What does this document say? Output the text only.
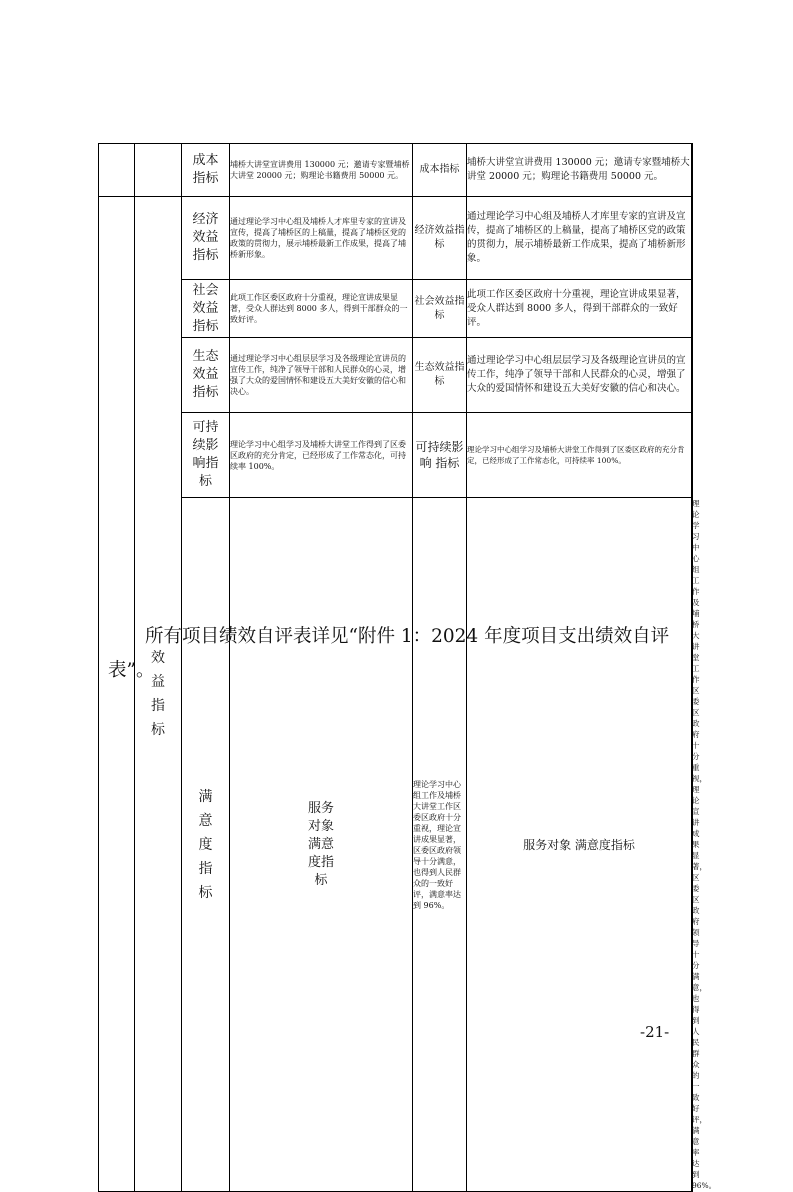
		成本指标	埔桥大讲堂宣讲费用 130000 元；邀请专家暨埔桥大讲堂 20000 元；购理论书籍费用 50000 元。	成本指标	埔桥大讲堂宣讲费用 130000 元；邀请专家暨埔桥大讲堂 20000 元；购理论书籍费用 50000 元。	
	效益指标	经济效益指标	通过理论学习中心组及埔桥人才库里专家的宣讲及宣传，提高了埔桥区的上稿量，提高了埔桥区党的政策的贯彻力，展示埔桥最新工作成果，提高了埔桥新形象。	经济效益指标	通过理论学习中心组及埔桥人才库里专家的宣讲及宣传，提高了埔桥区的上稿量，提高了埔桥区党的政策的贯彻力，展示埔桥最新工作成果，提高了埔桥新形象。	
		社会效益指标	此项工作区委区政府十分重视，理论宣讲成果显著，受众人群达到 8000 多人，得到干部群众的一致好评。	社会效益指标	此项工作区委区政府十分重视，理论宣讲成果显著，受众人群达到 8000 多人，得到干部群众的一致好评。	
		生态效益指标	通过理论学习中心组层层学习及各级理论宣讲员的宣传工作，纯净了领导干部和人民群众的心灵，增强了大众的爱国情怀和建设五大美好安徽的信心和决心。	生态效益指标	通过理论学习中心组层层学习及各级理论宣讲员的宣传工作，纯净了领导干部和人民群众的心灵，增强了大众的爱国情怀和建设五大美好安徽的信心和决心。	
		可持续影响指标	理论学习中心组学习及埔桥大讲堂工作得到了区委区政府的充分肯定，已经形成了工作常态化，可持续率 100%。	可持续影响 指标	理论学习中心组学习及埔桥大讲堂工作得到了区委区政府的充分肯定，已经形成了工作常态化，可持续率 100%。	
		满意度指标	服务对象满意度指标	理论学习中心组工作及埔桥大讲堂工作区委区政府十分重视，理论宣讲成果显著，区委区政府领导十分满意，也得到人民群众的一致好评，满意率达到 96%。	服务对象 满意度指标	理论学习中心组工作及埔桥大讲堂工作区委区政府十分重视，理论宣讲成果显著，区委区政府领导十分满意，也得到人民群众的一致好评，满意率达到 96%。	

所有项目绩效自评表详见“附件 1：2024 年度项目支出绩效自评表”。

-21-
